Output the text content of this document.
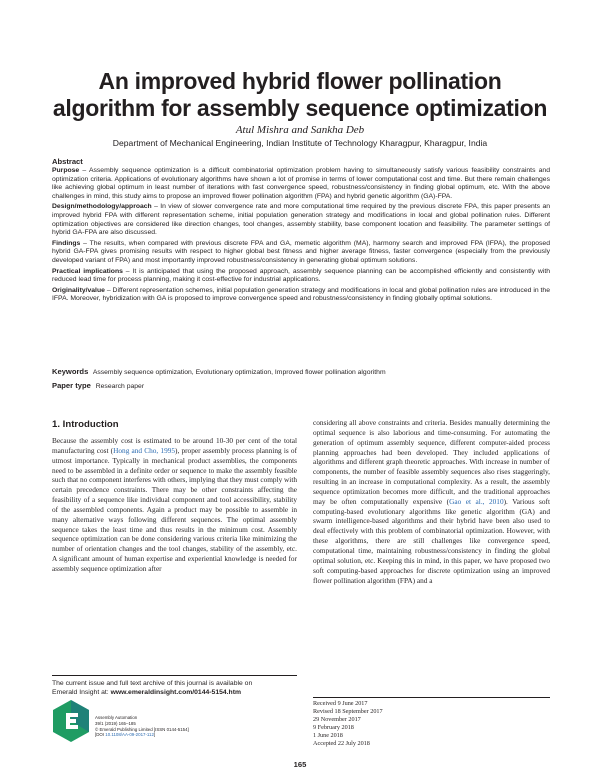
An improved hybrid flower pollination
algorithm for assembly sequence optimization
Atul Mishra and Sankha Deb
Department of Mechanical Engineering, Indian Institute of Technology Kharagpur, Kharagpur, India
Abstract

Purpose – Assembly sequence optimization is a difficult combinatorial optimization problem having to simultaneously satisfy various feasibility constraints and optimization criteria. Applications of evolutionary algorithms have shown a lot of promise in terms of lower computational cost and time. But there remain challenges like achieving global optimum in least number of iterations with fast convergence speed, robustness/consistency in finding global optimum, etc. With the above challenges in mind, this study aims to propose an improved flower pollination algorithm (FPA) and hybrid genetic algorithm (GA)-FPA.

Design/methodology/approach – In view of slower convergence rate and more computational time required by the previous discrete FPA, this paper presents an improved hybrid FPA with different representation scheme, initial population generation strategy and modifications in local and global pollination rules. Different optimization objectives are considered like direction changes, tool changes, assembly stability, base component location and feasibility. The parameter settings of hybrid GA-FPA are also discussed.

Findings – The results, when compared with previous discrete FPA and GA, memetic algorithm (MA), harmony search and improved FPA (IFPA), the proposed hybrid GA-FPA gives promising results with respect to higher global best fitness and higher average fitness, faster convergence (especially from the previously developed variant of FPA) and most importantly improved robustness/consistency in generating global optimum solutions.

Practical implications – It is anticipated that using the proposed approach, assembly sequence planning can be accomplished efficiently and consistently with reduced lead time for process planning, making it cost-effective for industrial applications.

Originality/value – Different representation schemes, initial population generation strategy and modifications in local and global pollination rules are introduced in the IFPA. Moreover, hybridization with GA is proposed to improve convergence speed and robustness/consistency in finding globally optimal solutions.

Keywords Assembly sequence optimization, Evolutionary optimization, Improved flower pollination algorithm
Paper type Research paper
1. Introduction
Because the assembly cost is estimated to be around 10-30 per cent of the total manufacturing cost (Hong and Cho, 1995), proper assembly process planning is of utmost importance. Typically in mechanical product assemblies, the components need to be assembled in a definite order or sequence to make the assembly feasible such that no component interferes with others, implying that they must comply with certain precedence constraints. There may be other constraints affecting the feasibility of a sequence like individual component and tool accessibility, stability of the assembled components. Again a product may be possible to assemble in many alternative ways following different sequences. The optimal assembly sequence takes the least time and thus results in the minimum cost. Assembly sequence optimization can be done considering various criteria like minimizing the number of orientation changes and the tool changes, stability of the assembly, etc. A significant amount of human expertise and experiential knowledge is needed for assembly sequence optimization after
considering all above constraints and criteria. Besides manually determining the optimal sequence is also laborious and time-consuming. For automating the generation of optimum assembly sequence, different computer-aided process planning approaches had been developed. They included applications of algorithms and different graph theoretic approaches. With increase in number of components, the number of feasible assembly sequences also rises staggeringly, resulting in an increase in computational complexity. As a result, the assembly sequence optimization becomes more difficult, and the traditional approaches may be often computationally expensive (Gao et al., 2010). Various soft computing-based evolutionary algorithms like genetic algorithm (GA) and swarm intelligence-based algorithms and their hybrid have been also used to deal effectively with this problem of combinatorial optimization. However, with these algorithms, there are still challenges like convergence speed, computational time, maintaining robustness/consistency in finding the global optimal solution, etc. Keeping this in mind, in this paper, we have proposed two soft computing-based approaches for discrete optimization using an improved flower pollination algorithm (FPA) and a
The current issue and full text archive of this journal is available on
Emerald Insight at: www.emeraldinsight.com/0144-5154.htm
Assembly Automation
39/1 (2019) 165–185
© Emerald Publishing Limited [ISSN 0144-5154]
[DOI 10.1108/AA-09-2017-112]
Received 9 June 2017
Revised 18 September 2017
29 November 2017
9 February 2018
1 June 2018
Accepted 22 July 2018
165
